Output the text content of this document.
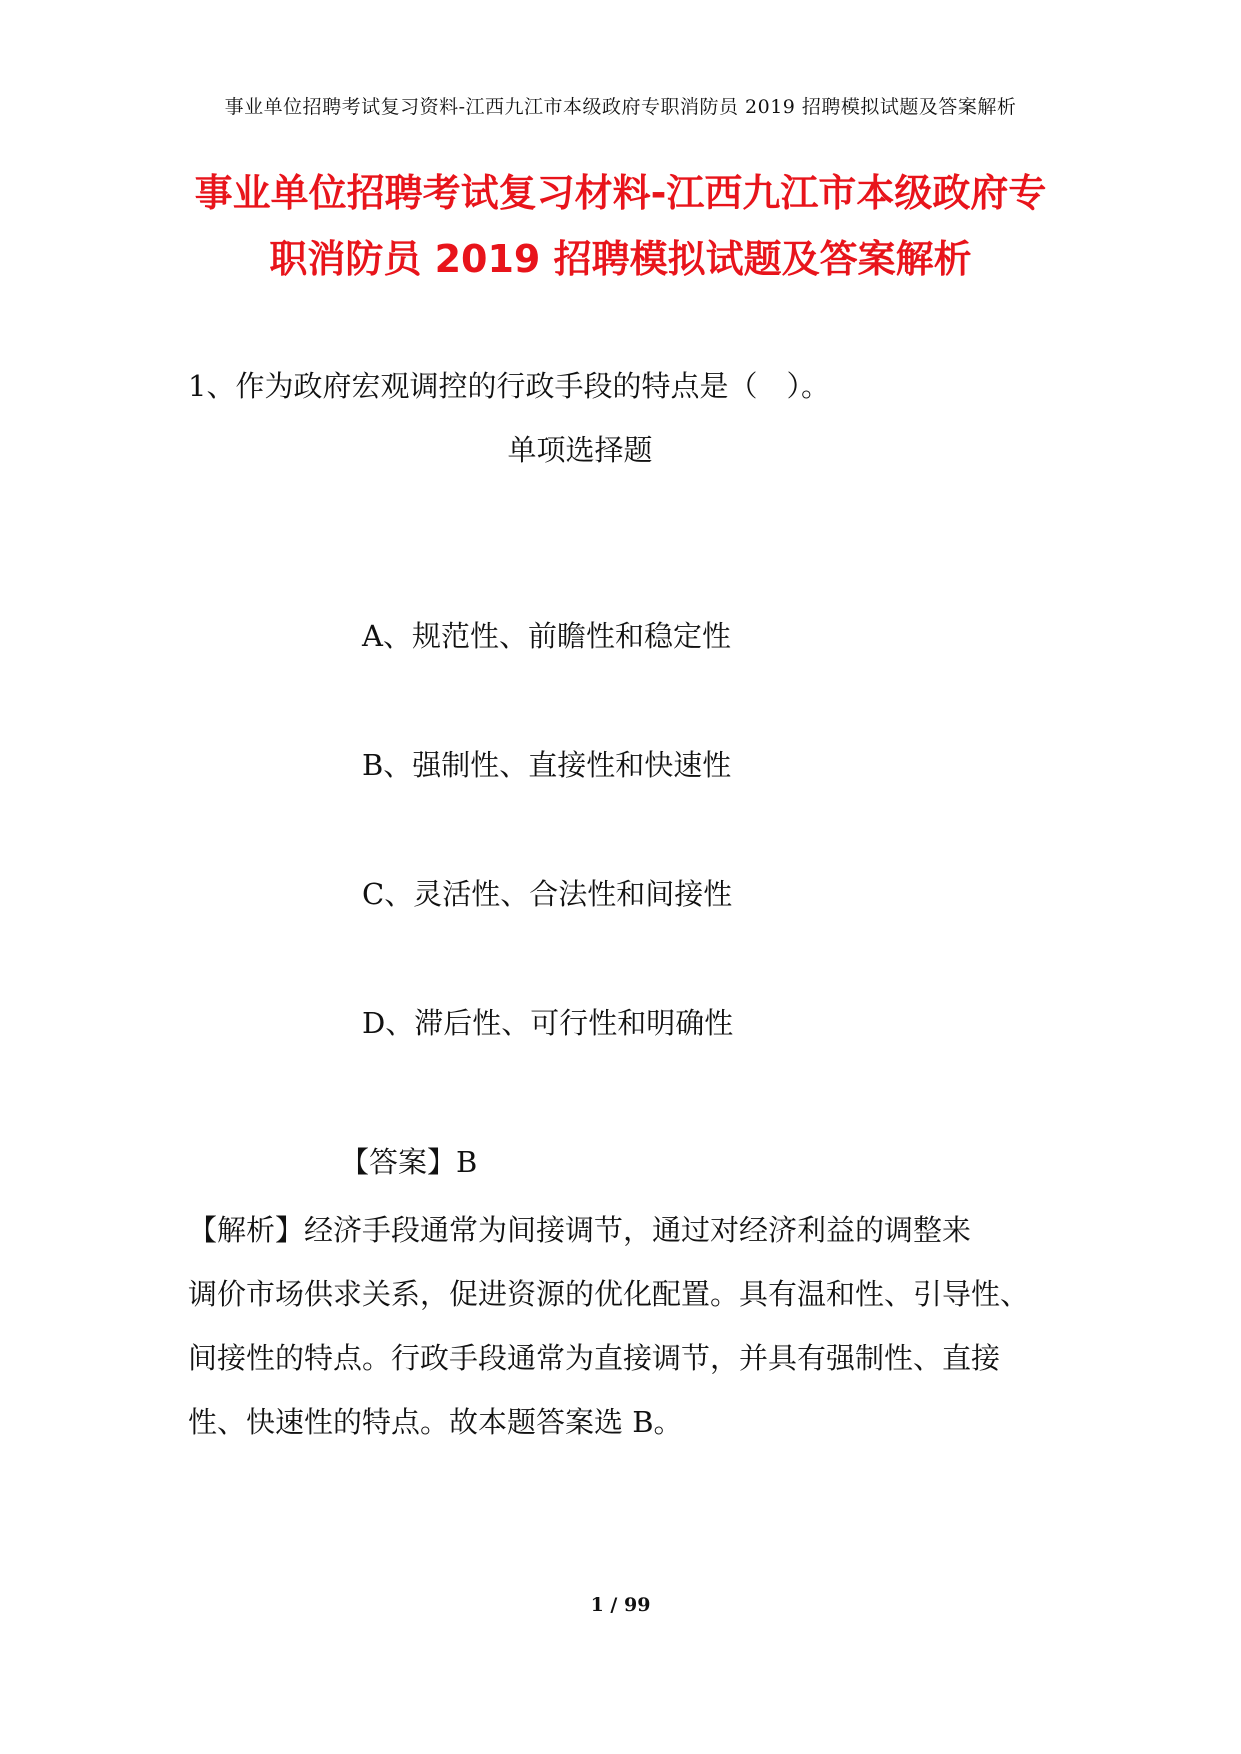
事业单位招聘考试复习资料-江西九江市本级政府专职消防员 2019 招聘模拟试题及答案解析
事业单位招聘考试复习材料-江西九江市本级政府专
职消防员 2019 招聘模拟试题及答案解析
1、作为政府宏观调控的行政手段的特点是（　）。
单项选择题
A、规范性、前瞻性和稳定性
B、强制性、直接性和快速性
C、灵活性、合法性和间接性
D、滞后性、可行性和明确性
【答案】B

【解析】经济手段通常为间接调节，通过对经济利益的调整来
调价市场供求关系，促进资源的优化配置。具有温和性、引导性、
间接性的特点。行政手段通常为直接调节，并具有强制性、直接
性、快速性的特点。故本题答案选 B。

1 / 99
